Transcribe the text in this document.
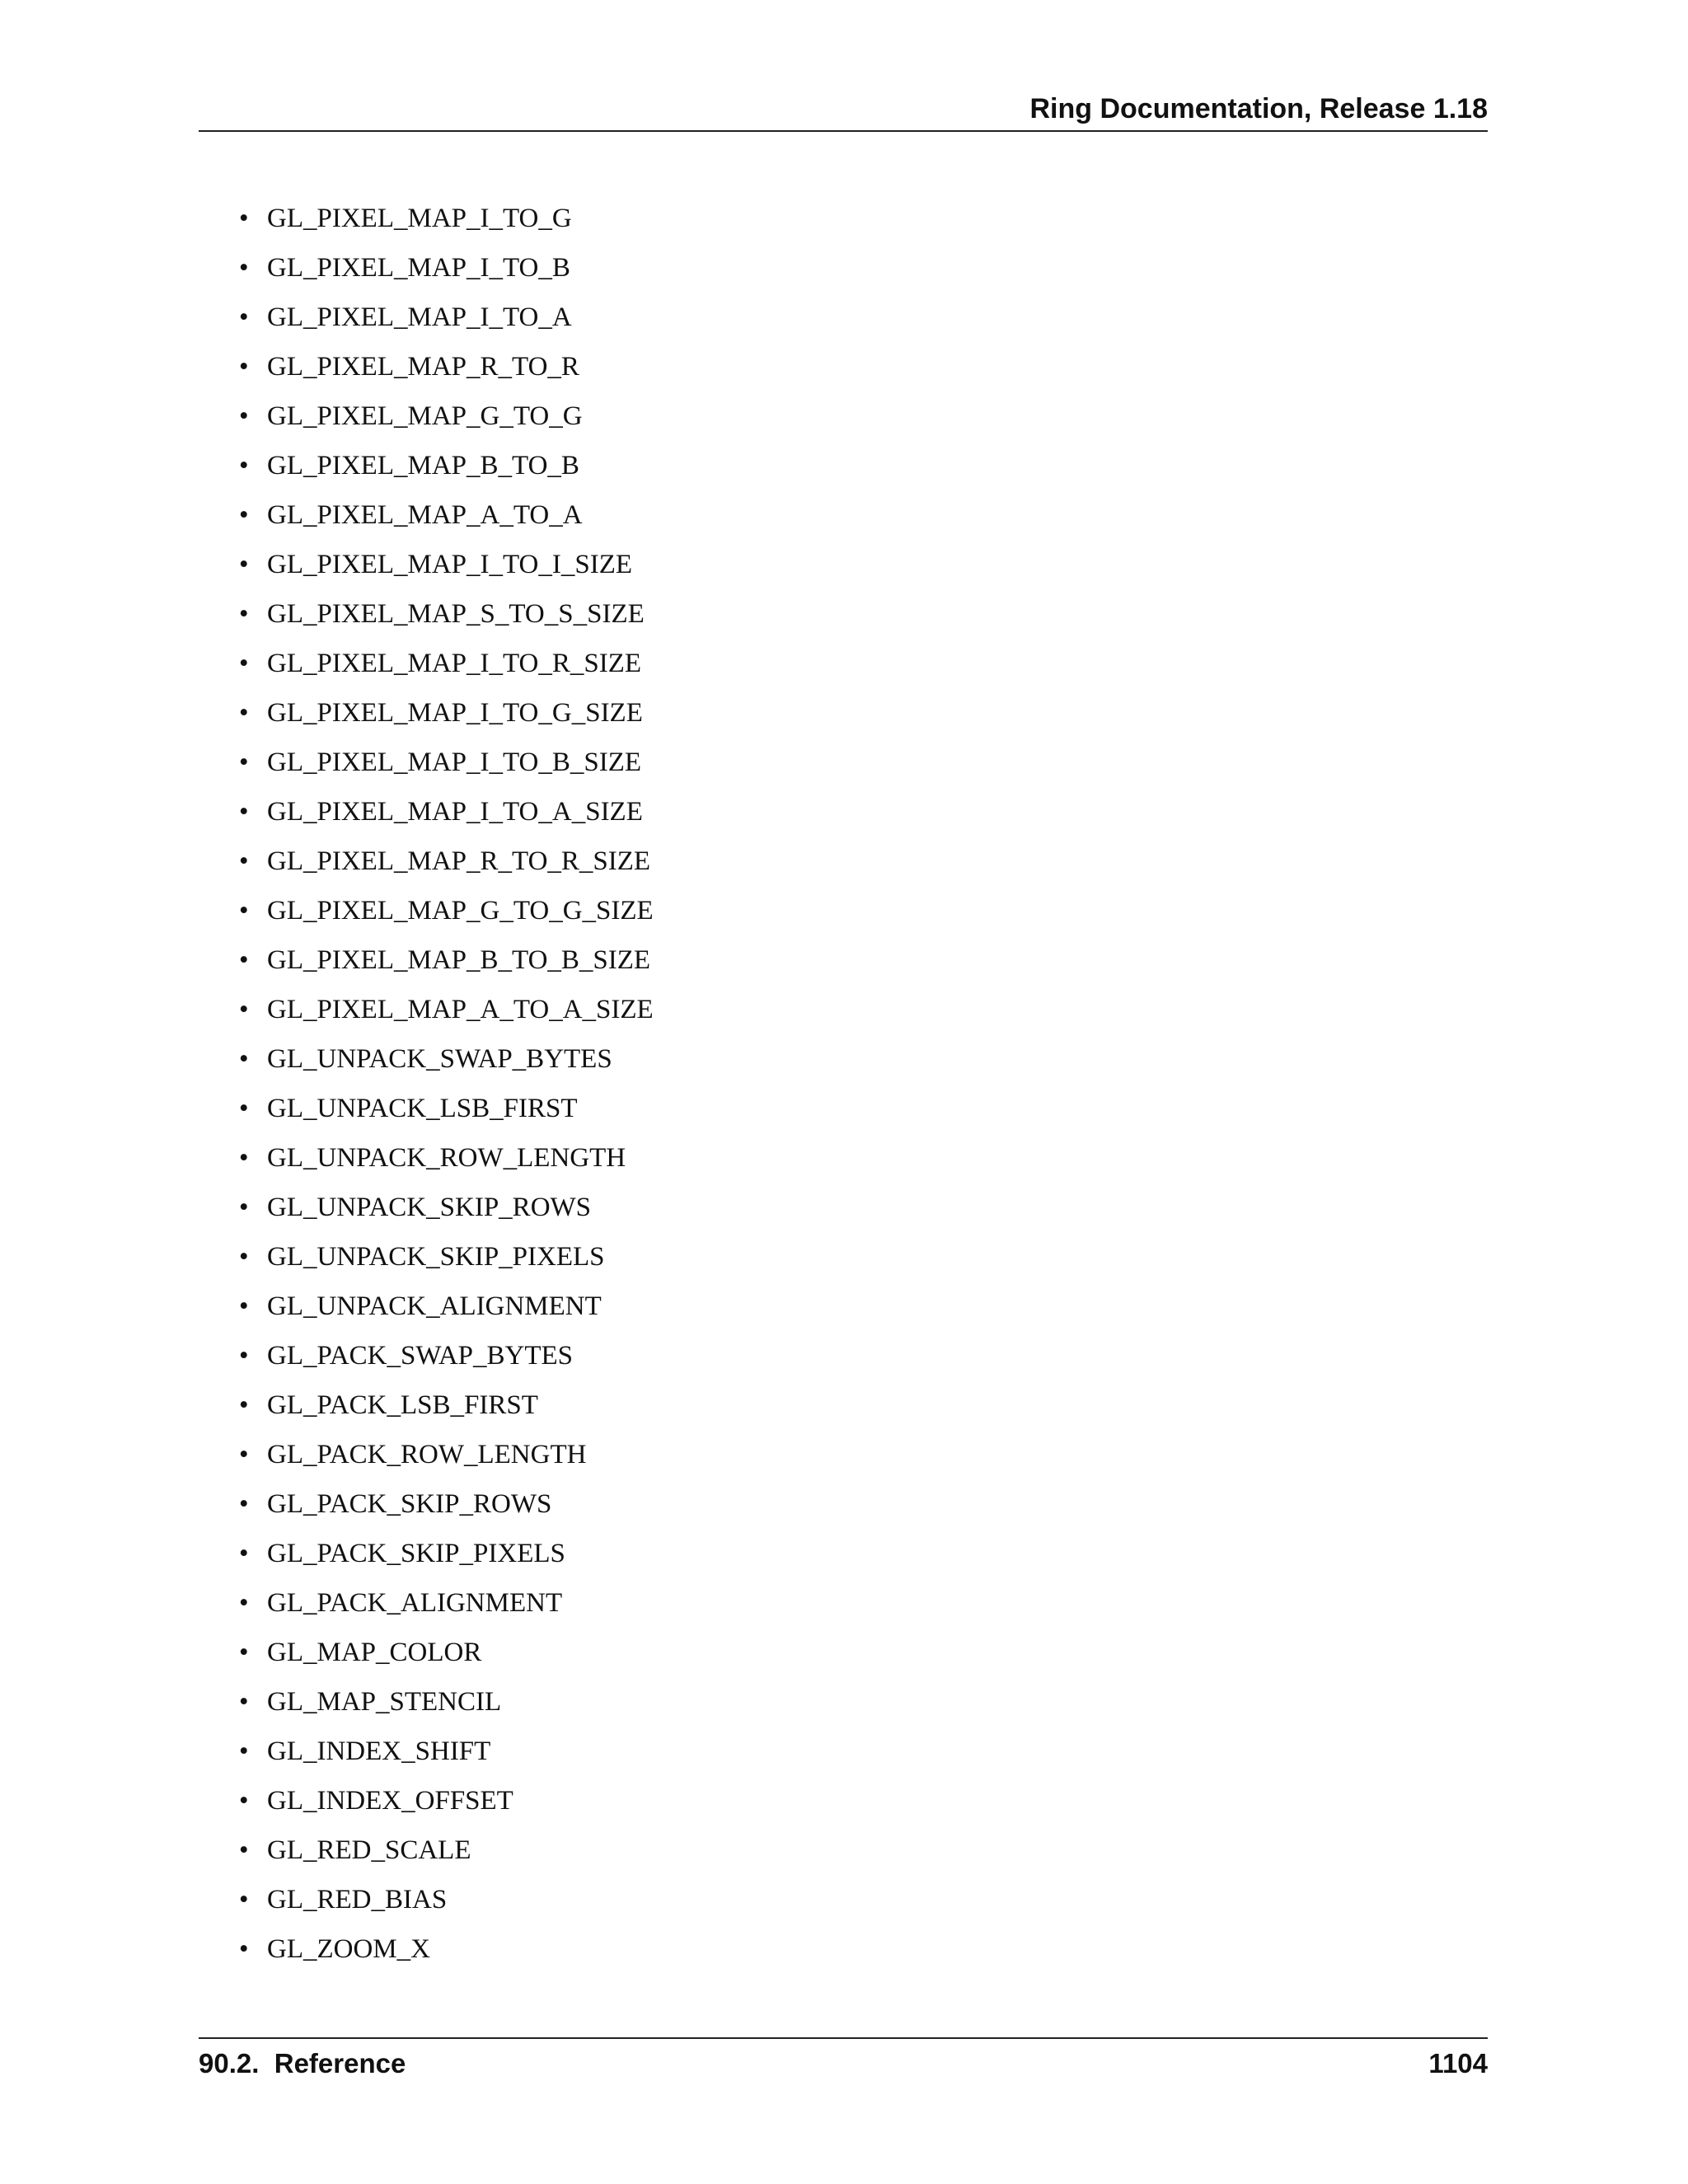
Ring Documentation, Release 1.18
• GL_PIXEL_MAP_I_TO_G
• GL_PIXEL_MAP_I_TO_B
• GL_PIXEL_MAP_I_TO_A
• GL_PIXEL_MAP_R_TO_R
• GL_PIXEL_MAP_G_TO_G
• GL_PIXEL_MAP_B_TO_B
• GL_PIXEL_MAP_A_TO_A
• GL_PIXEL_MAP_I_TO_I_SIZE
• GL_PIXEL_MAP_S_TO_S_SIZE
• GL_PIXEL_MAP_I_TO_R_SIZE
• GL_PIXEL_MAP_I_TO_G_SIZE
• GL_PIXEL_MAP_I_TO_B_SIZE
• GL_PIXEL_MAP_I_TO_A_SIZE
• GL_PIXEL_MAP_R_TO_R_SIZE
• GL_PIXEL_MAP_G_TO_G_SIZE
• GL_PIXEL_MAP_B_TO_B_SIZE
• GL_PIXEL_MAP_A_TO_A_SIZE
• GL_UNPACK_SWAP_BYTES
• GL_UNPACK_LSB_FIRST
• GL_UNPACK_ROW_LENGTH
• GL_UNPACK_SKIP_ROWS
• GL_UNPACK_SKIP_PIXELS
• GL_UNPACK_ALIGNMENT
• GL_PACK_SWAP_BYTES
• GL_PACK_LSB_FIRST
• GL_PACK_ROW_LENGTH
• GL_PACK_SKIP_ROWS
• GL_PACK_SKIP_PIXELS
• GL_PACK_ALIGNMENT
• GL_MAP_COLOR
• GL_MAP_STENCIL
• GL_INDEX_SHIFT
• GL_INDEX_OFFSET
• GL_RED_SCALE
• GL_RED_BIAS
• GL_ZOOM_X
90.2.  Reference	1104
